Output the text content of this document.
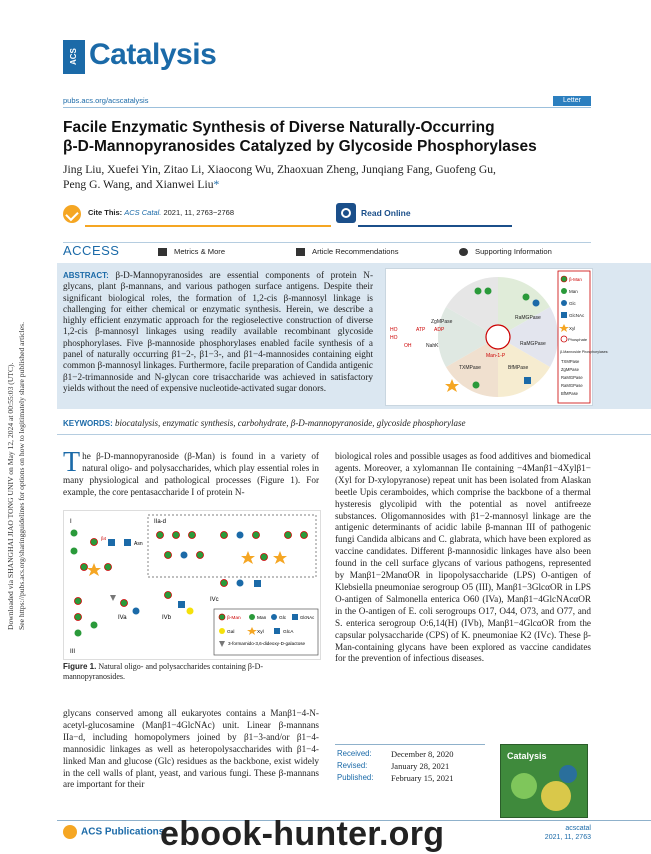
Downloaded via SHANGHAI JIAO TONG UNIV on May 12, 2024 at 00:55:03 (UTC). See https://pubs.acs.org/sharingguidelines for options on how to legitimately share published articles.
ACS Catalysis
pubs.acs.org/acscatalysis	Letter
Facile Enzymatic Synthesis of Diverse Naturally-Occurring
β-D-Mannopyranosides Catalyzed by Glycoside Phosphorylases
Jing Liu, Xuefei Yin, Zitao Li, Xiaocong Wu, Zhaoxuan Zheng, Junqiang Fang, Guofeng Gu,
Peng G. Wang, and Xianwei Liu*
Cite This: ACS Catal. 2021, 11, 2763−2768	Read Online
ACCESS	Metrics & More	Article Recommendations	Supporting Information
ABSTRACT: β-D-Mannopyranosides are essential components of protein N-glycans, plant β-mannans, and various pathogen surface antigens. Despite their significant biological roles, the formation of 1,2-cis β-mannosyl linkage is challenging for either chemical or enzymatic synthesis. Herein, we describe a highly efficient enzymatic approach for the regioselective construction of diverse 1,2-cis β-mannosyl linkages using readily available recombinant glycoside phosphorylases. Five β-mannoside phosphorylases enabled facile synthesis of a panel of naturally occurring β1−2-, β1−3-, and β1−4-mannosides containing eight common β-mannosyl linkages. Furthermore, facile preparation of Candida antigenic β1−2-trimannoside and N-glycan core trisaccharide was achieved in satisfactory yields without the need of expensive nucleotide-activated sugar donors.
Man-1-P
ZgMPase
RaMGPase
TXMPase	BfMPase
RaMGPase
NahK
ATP ADP
HO
HO
OH
β-Man
Man
Glc
GlcNAc
Xyl
Phosphate
β-Mannoside Phosphorylases:
TXMPase
ZgMPase
RaMGPase
RaMGPase
BfMPase
KEYWORDS: biocatalysis, enzymatic synthesis, carbohydrate, β-D-mannopyranoside, glycoside phosphorylase
The β-D-mannopyranoside (β-Man) is found in a variety of natural oligo- and polysaccharides, which play essential roles in many physiological and pathological processes (Figure 1). For example, the core pentasaccharide I of protein N-
I	IIa-d
III
IVa	IVb
IVc
Asn
β4
β-Man	Man	Glc	GlcNAc
Gal	Xyl	GlcA
3-formamido-3,6-dideoxy-D-galactose
Figure 1. Natural oligo- and polysaccharides containing β-D-mannopyranosides.
glycans conserved among all eukaryotes contains a Manβ1−4-N-acetyl-glucosamine (Manβ1−4GlcNAc) unit. Linear β-mannans IIa−d, including homopolymers joined by β1−3-and/or β1−4-mannosidic linkages as well as heteropolysaccharides with β1−4-linked Man and glucose (Glc) residues as the backbone, exist widely in the cell walls of plant, yeast, and various fungi. These β-mannans are important for their
biological roles and possible usages as food additives and biomedical agents. Moreover, a xylomannan IIe containing −4Manβ1−4Xylβ1− (Xyl for D-xylopyranose) repeat unit has been isolated from Alaskan beetle Upis ceramboides, which comprise the backbone of a thermal hysteresis glycolipid with the potential as novel antifreeze substances. Oligomannosides with β1−2-mannosyl linkage are the antigenic determinants of acidic labile β-mannan III of pathogenic fungi Candida albicans and C. glabrata, which have been explored as vaccine candidates. Different β-mannosidic linkages have also been found in the cell surface glycans of various pathogens, represented by Manβ1−2ManαOR in lipopolysaccharide (LPS) O-antigen of Klebsiella pneumoniae serogroup O5 (III), Manβ1−3GlcαOR in LPS O-antigen of Salmonella enterica O60 (IVa), Manβ1−4GlcNAcαOR in the O-antigen of E. coli serogroups O17, O44, O73, and O77, and S. enterica serogroup O:6,14(H) (IVb), Manβ1−4GlcαOR from the capsular polysaccharide (CPS) of K. pneumoniae K2 (IVc). These β-Man-containing glycans have been explored as vaccine candidates for the prevention of infectious diseases.
Received: December 8, 2020
Revised:	January 28, 2021
Published: February 15, 2021
Catalysis
ACS Publications	acscatal
2021, 11, 2763
ebook-hunter.org
